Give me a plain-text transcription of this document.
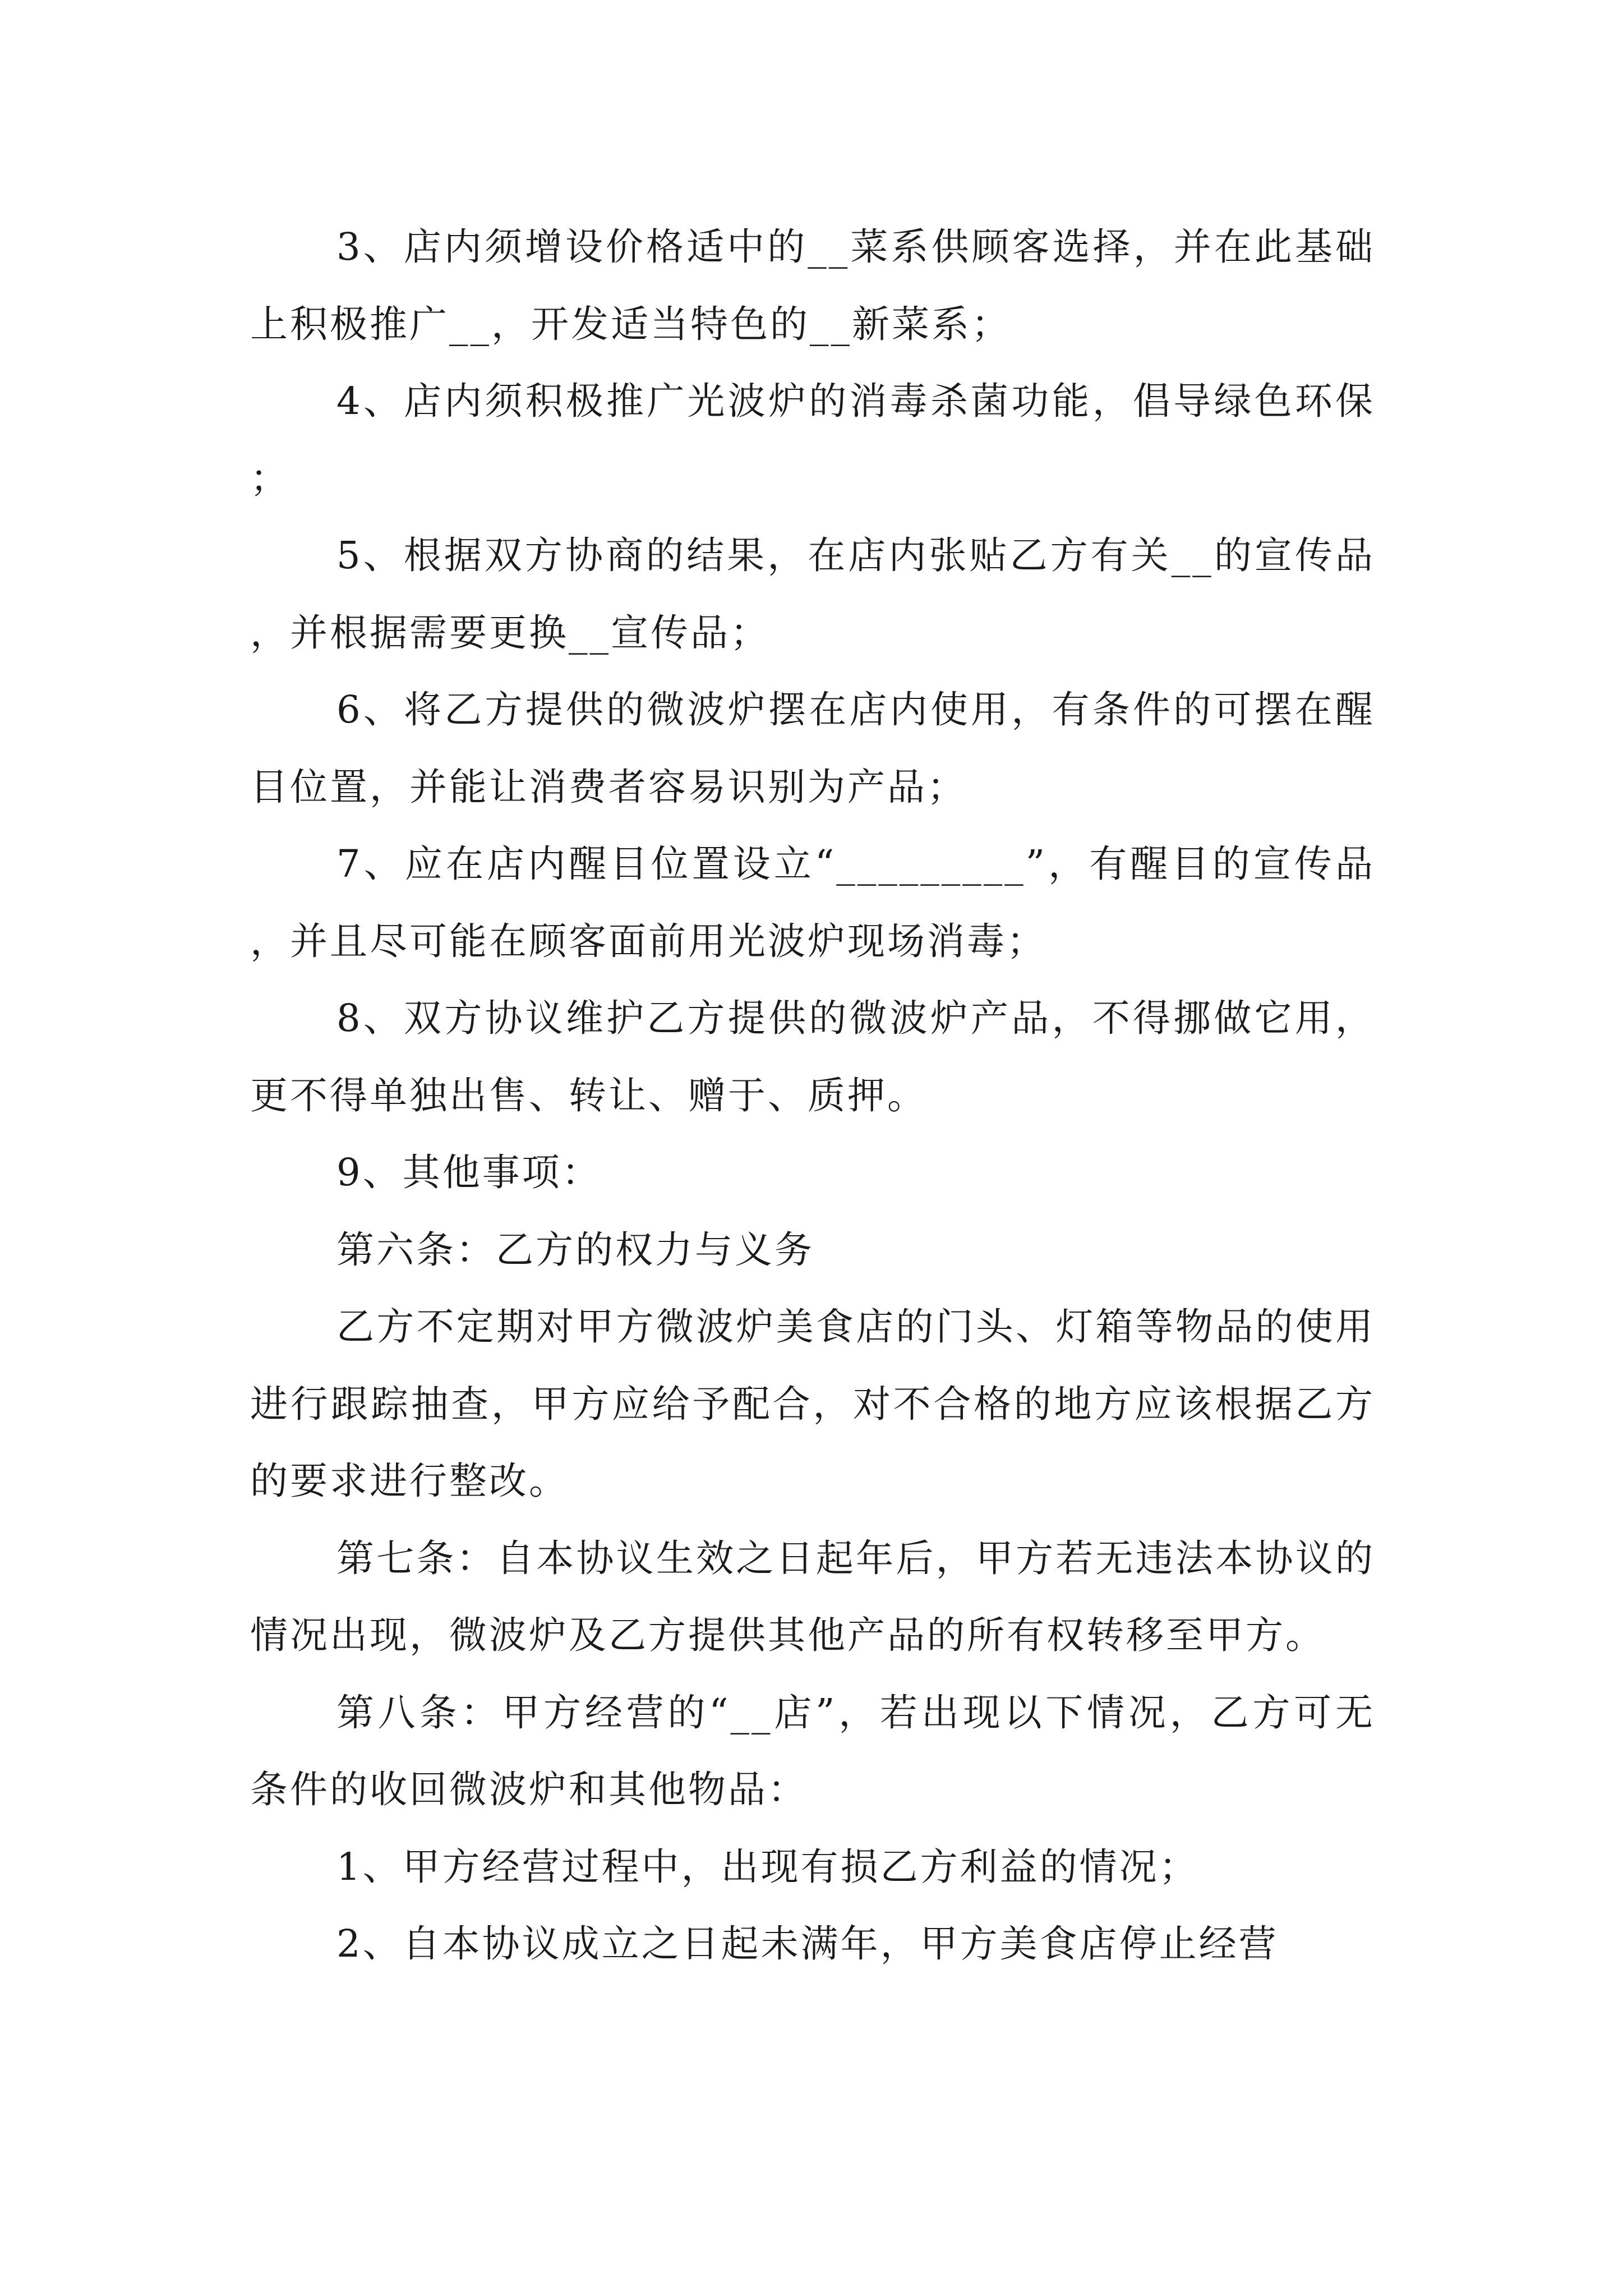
3、店内须增设价格适中的__菜系供顾客选择，并在此基础上积极推广__，开发适当特色的__新菜系；

4、店内须积极推广光波炉的消毒杀菌功能，倡导绿色环保；

5、根据双方协商的结果，在店内张贴乙方有关__的宣传品，并根据需要更换__宣传品；

6、将乙方提供的微波炉摆在店内使用，有条件的可摆在醒目位置，并能让消费者容易识别为产品；

7、应在店内醒目位置设立“_________”，有醒目的宣传品，并且尽可能在顾客面前用光波炉现场消毒；

8、双方协议维护乙方提供的微波炉产品，不得挪做它用，更不得单独出售、转让、赠于、质押。

9、其他事项：

第六条：乙方的权力与义务

乙方不定期对甲方微波炉美食店的门头、灯箱等物品的使用进行跟踪抽查，甲方应给予配合，对不合格的地方应该根据乙方的要求进行整改。

第七条：自本协议生效之日起年后，甲方若无违法本协议的情况出现，微波炉及乙方提供其他产品的所有权转移至甲方。

第八条：甲方经营的“__店”，若出现以下情况，乙方可无条件的收回微波炉和其他物品：

1、甲方经营过程中，出现有损乙方利益的情况；

2、自本协议成立之日起未满年，甲方美食店停止经营
